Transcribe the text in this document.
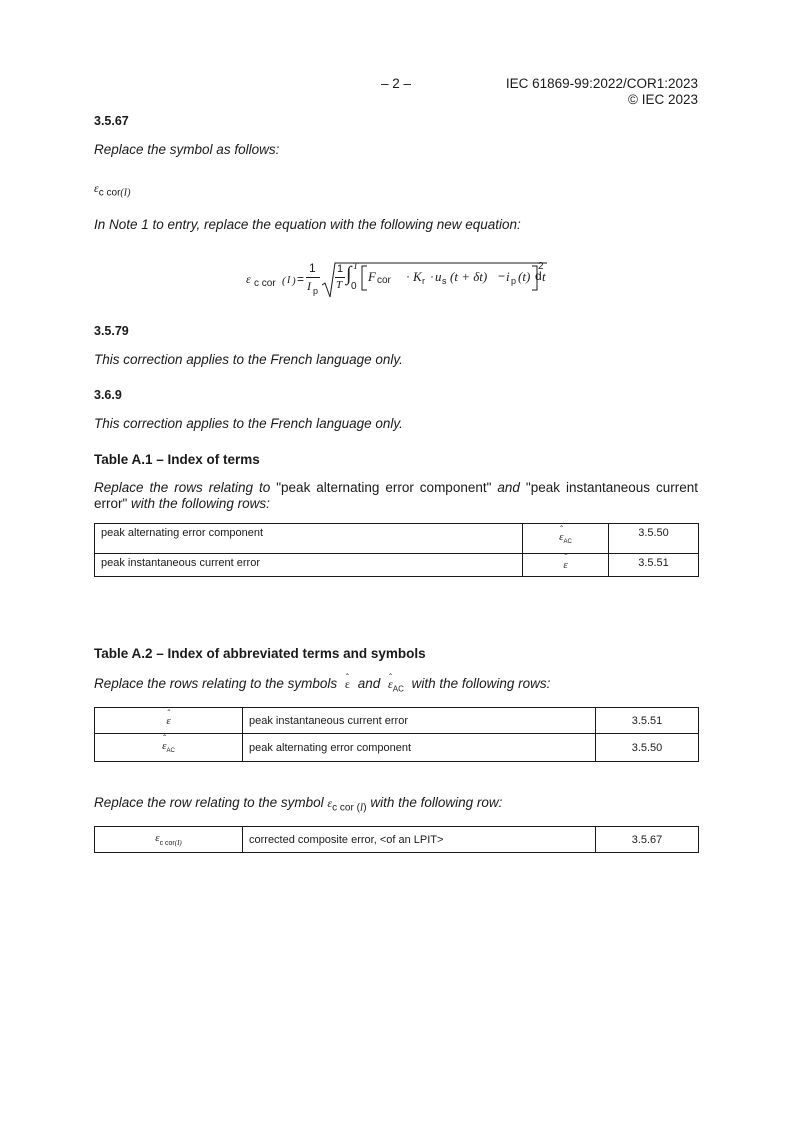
– 2 –	IEC 61869-99:2022/COR1:2023
© IEC 2023
3.5.67
Replace the symbol as follows:
$\varepsilon_{c cor(I)}$
In Note 1 to entry, replace the equation with the following new equation:
ε c cor ( I ) =
1
I p
1
T ∫ T
0
F cor · K r · u s (t + δt) − i p (t)
2
d t
3.5.79
This correction applies to the French language only.
3.6.9
This correction applies to the French language only.
Table A.1 – Index of terms
Replace the rows relating to "peak alternating error component" and "peak instantaneous current error" with the following rows:
peak alternating error component	ˆ $\varepsilon_{AC}$	3.5.50
peak instantaneous current error	ˆ ε	3.5.51
Table A.2 – Index of abbreviated terms and symbols
Replace the rows relating to the symbols ˆ ε and ˆ $\varepsilon_{AC}$ with the following rows:
ˆ ε	peak instantaneous current error	3.5.51
ˆ $\varepsilon_{AC}$	peak alternating error component	3.5.50
Replace the row relating to the symbol $\varepsilon_{c cor (I)}$ with the following row:
$\varepsilon_{c cor(I)}$	corrected composite error, <of an LPIT>	3.5.67
